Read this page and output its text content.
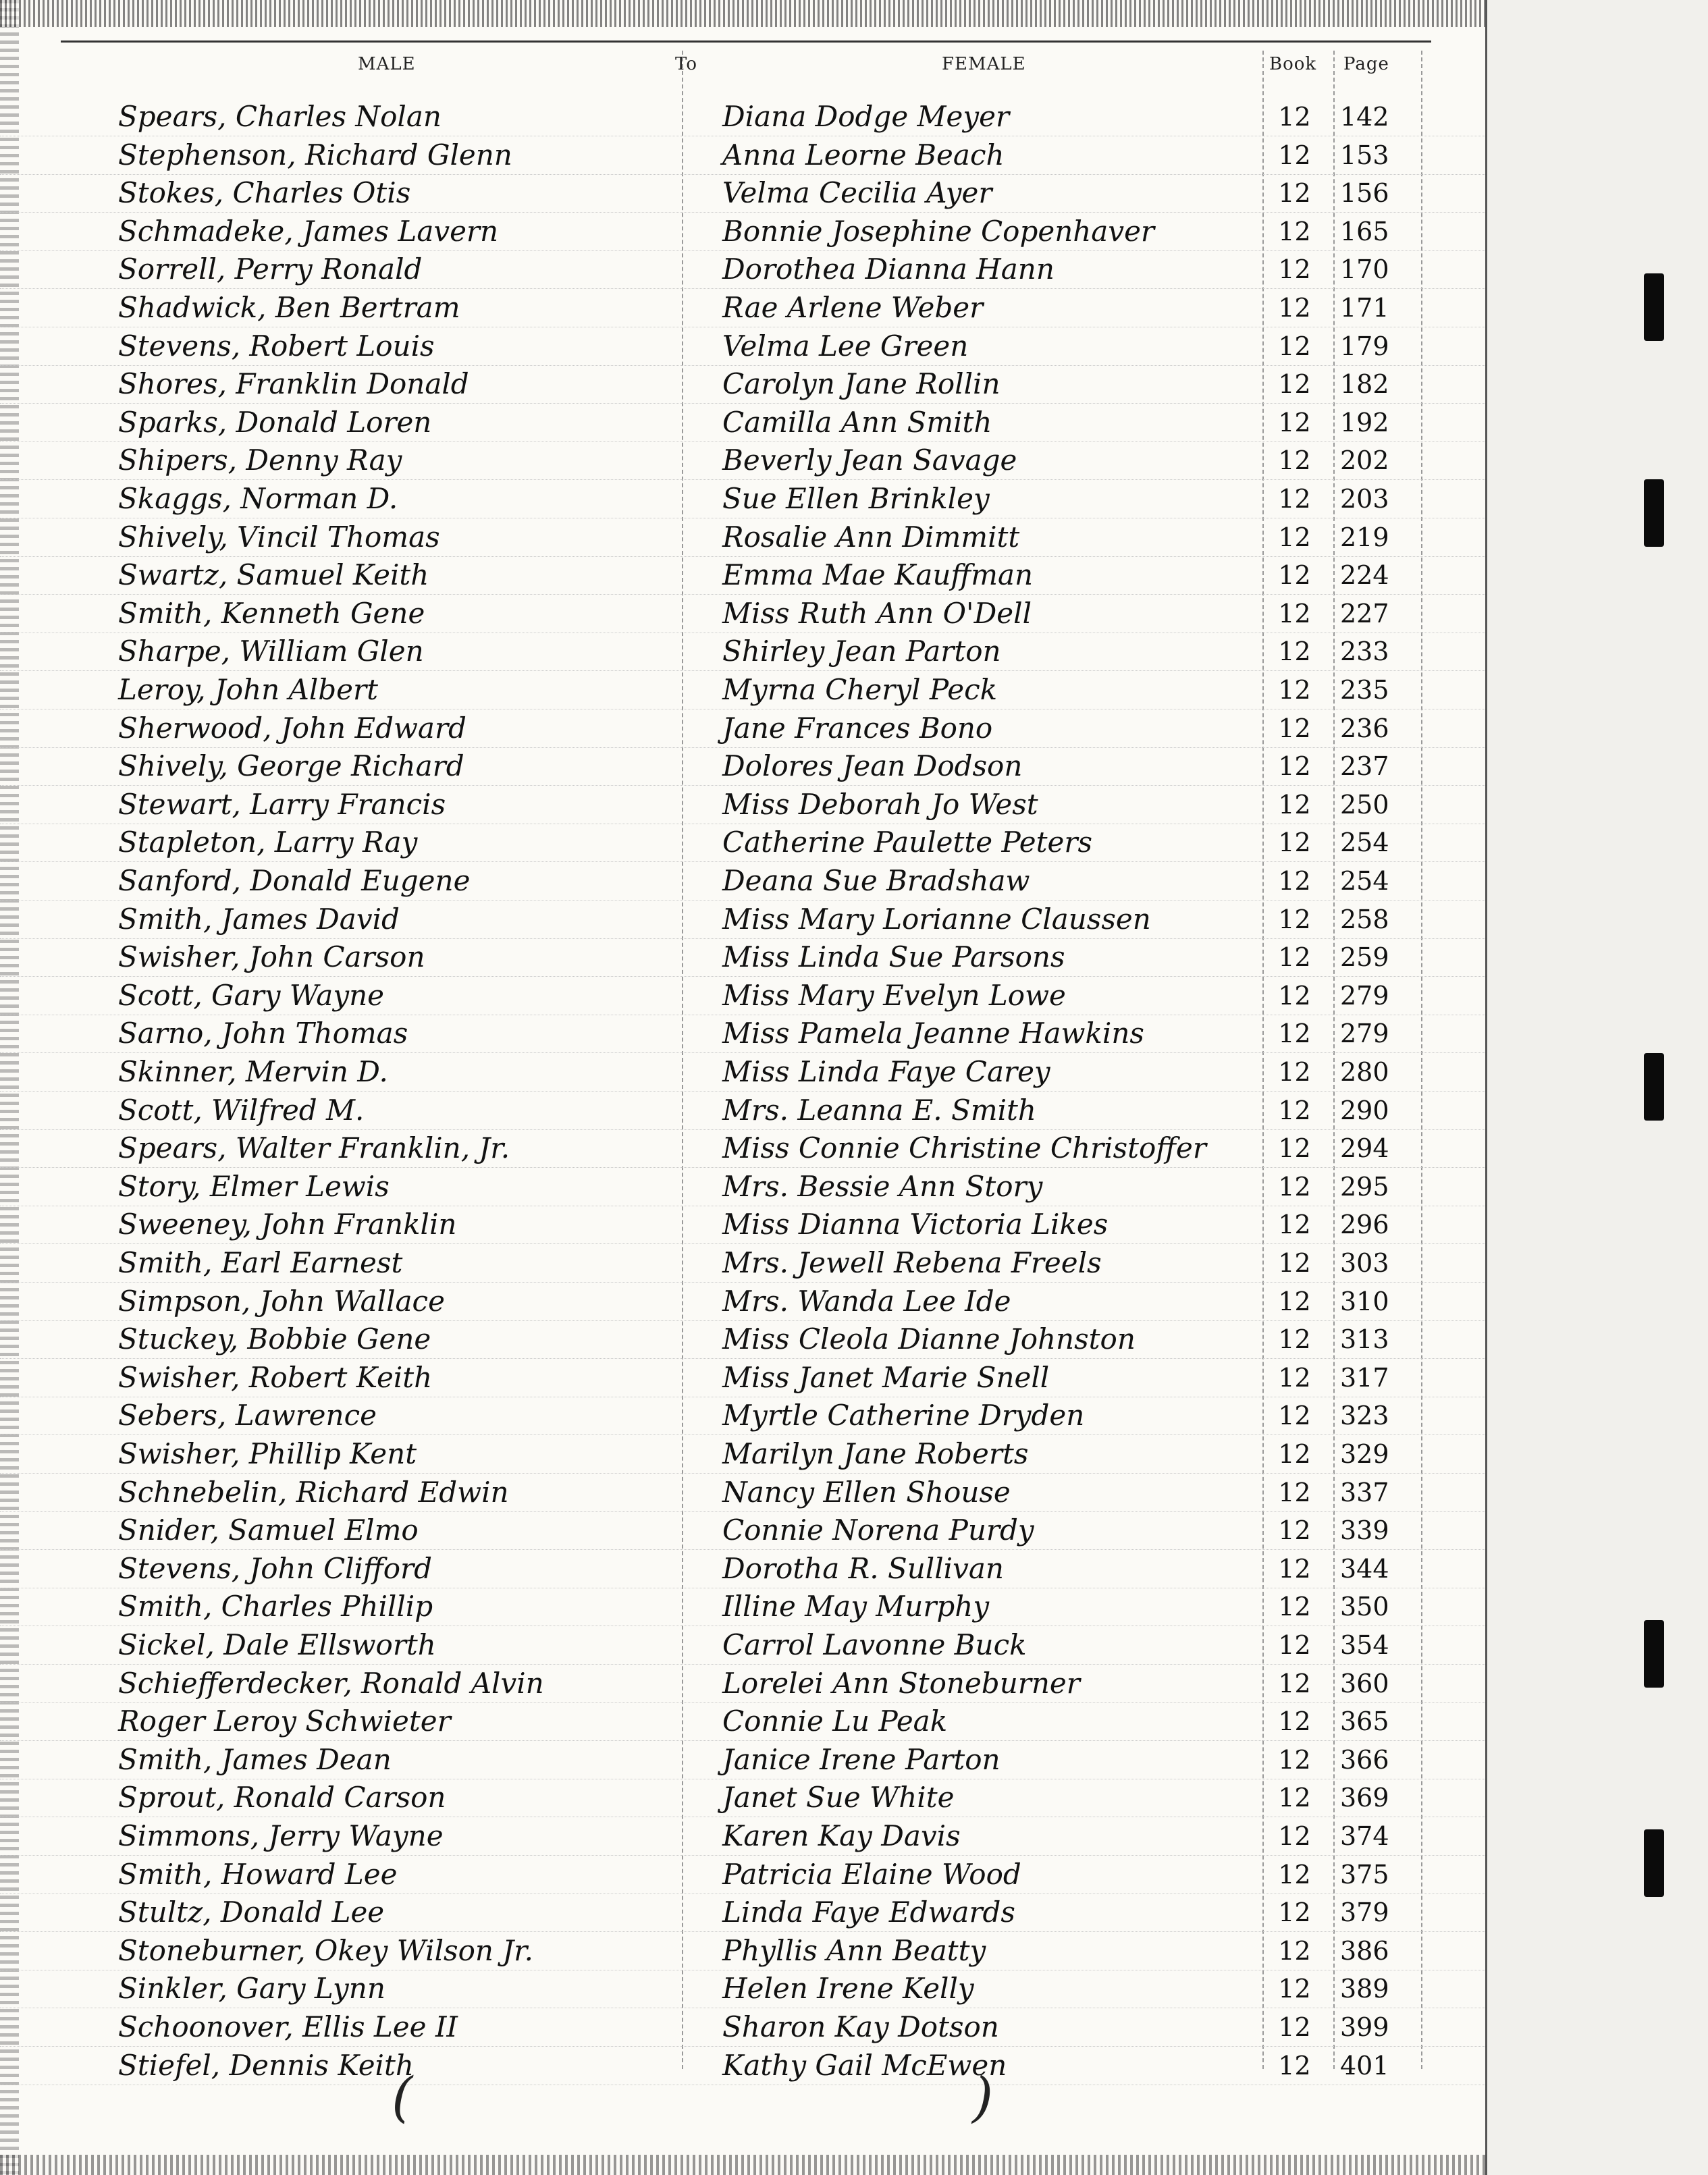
MALE	To	FEMALE	Book Page
Spears, Charles Nolan	Diana Dodge Meyer	12	142
Stephenson, Richard Glenn	Anna Leorne Beach	12	153
Stokes, Charles Otis	Velma Cecilia Ayer	12	156
Schmadeke, James Lavern	Bonnie Josephine Copenhaver	12	165
Sorrell, Perry Ronald	Dorothea Dianna Hann	12	170
Shadwick, Ben Bertram	Rae Arlene Weber	12	171
Stevens, Robert Louis	Velma Lee Green	12	179
Shores, Franklin Donald	Carolyn Jane Rollin	12	182
Sparks, Donald Loren	Camilla Ann Smith	12	192
Shipers, Denny Ray	Beverly Jean Savage	12	202
Skaggs, Norman D.	Sue Ellen Brinkley	12	203
Shively, Vincil Thomas	Rosalie Ann Dimmitt	12	219
Swartz, Samuel Keith	Emma Mae Kauffman	12	224
Smith, Kenneth Gene	Miss Ruth Ann O'Dell	12	227
Sharpe, William Glen	Shirley Jean Parton	12	233
Leroy, John Albert	Myrna Cheryl Peck	12	235
Sherwood, John Edward	Jane Frances Bono	12	236
Shively, George Richard	Dolores Jean Dodson	12	237
Stewart, Larry Francis	Miss Deborah Jo West	12	250
Stapleton, Larry Ray	Catherine Paulette Peters	12	254
Sanford, Donald Eugene	Deana Sue Bradshaw	12	254
Smith, James David	Miss Mary Lorianne Claussen	12	258
Swisher, John Carson	Miss Linda Sue Parsons	12	259
Scott, Gary Wayne	Miss Mary Evelyn Lowe	12	279
Sarno, John Thomas	Miss Pamela Jeanne Hawkins	12	279
Skinner, Mervin D.	Miss Linda Faye Carey	12	280
Scott, Wilfred M.	Mrs. Leanna E. Smith	12	290
Spears, Walter Franklin, Jr.	Miss Connie Christine Christoffer	12	294
Story, Elmer Lewis	Mrs. Bessie Ann Story	12	295
Sweeney, John Franklin	Miss Dianna Victoria Likes	12	296
Smith, Earl Earnest	Mrs. Jewell Rebena Freels	12	303
Simpson, John Wallace	Mrs. Wanda Lee Ide	12	310
Stuckey, Bobbie Gene	Miss Cleola Dianne Johnston	12	313
Swisher, Robert Keith	Miss Janet Marie Snell	12	317
Sebers, Lawrence	Myrtle Catherine Dryden	12	323
Swisher, Phillip Kent	Marilyn Jane Roberts	12	329
Schnebelin, Richard Edwin	Nancy Ellen Shouse	12	337
Snider, Samuel Elmo	Connie Norena Purdy	12	339
Stevens, John Clifford	Dorotha R. Sullivan	12	344
Smith, Charles Phillip	Illine May Murphy	12	350
Sickel, Dale Ellsworth	Carrol Lavonne Buck	12	354
Schiefferdecker, Ronald Alvin	Lorelei Ann Stoneburner	12	360
Roger Leroy Schwieter	Connie Lu Peak	12	365
Smith, James Dean	Janice Irene Parton	12	366
Sprout, Ronald Carson	Janet Sue White	12	369
Simmons, Jerry Wayne	Karen Kay Davis	12	374
Smith, Howard Lee	Patricia Elaine Wood	12	375
Stultz, Donald Lee	Linda Faye Edwards	12	379
Stoneburner, Okey Wilson Jr.	Phyllis Ann Beatty	12	386
Sinkler, Gary Lynn	Helen Irene Kelly	12	389
Schoonover, Ellis Lee II	Sharon Kay Dotson	12	399
Stiefel, Dennis Keith	Kathy Gail McEwen	12	401
(	)
